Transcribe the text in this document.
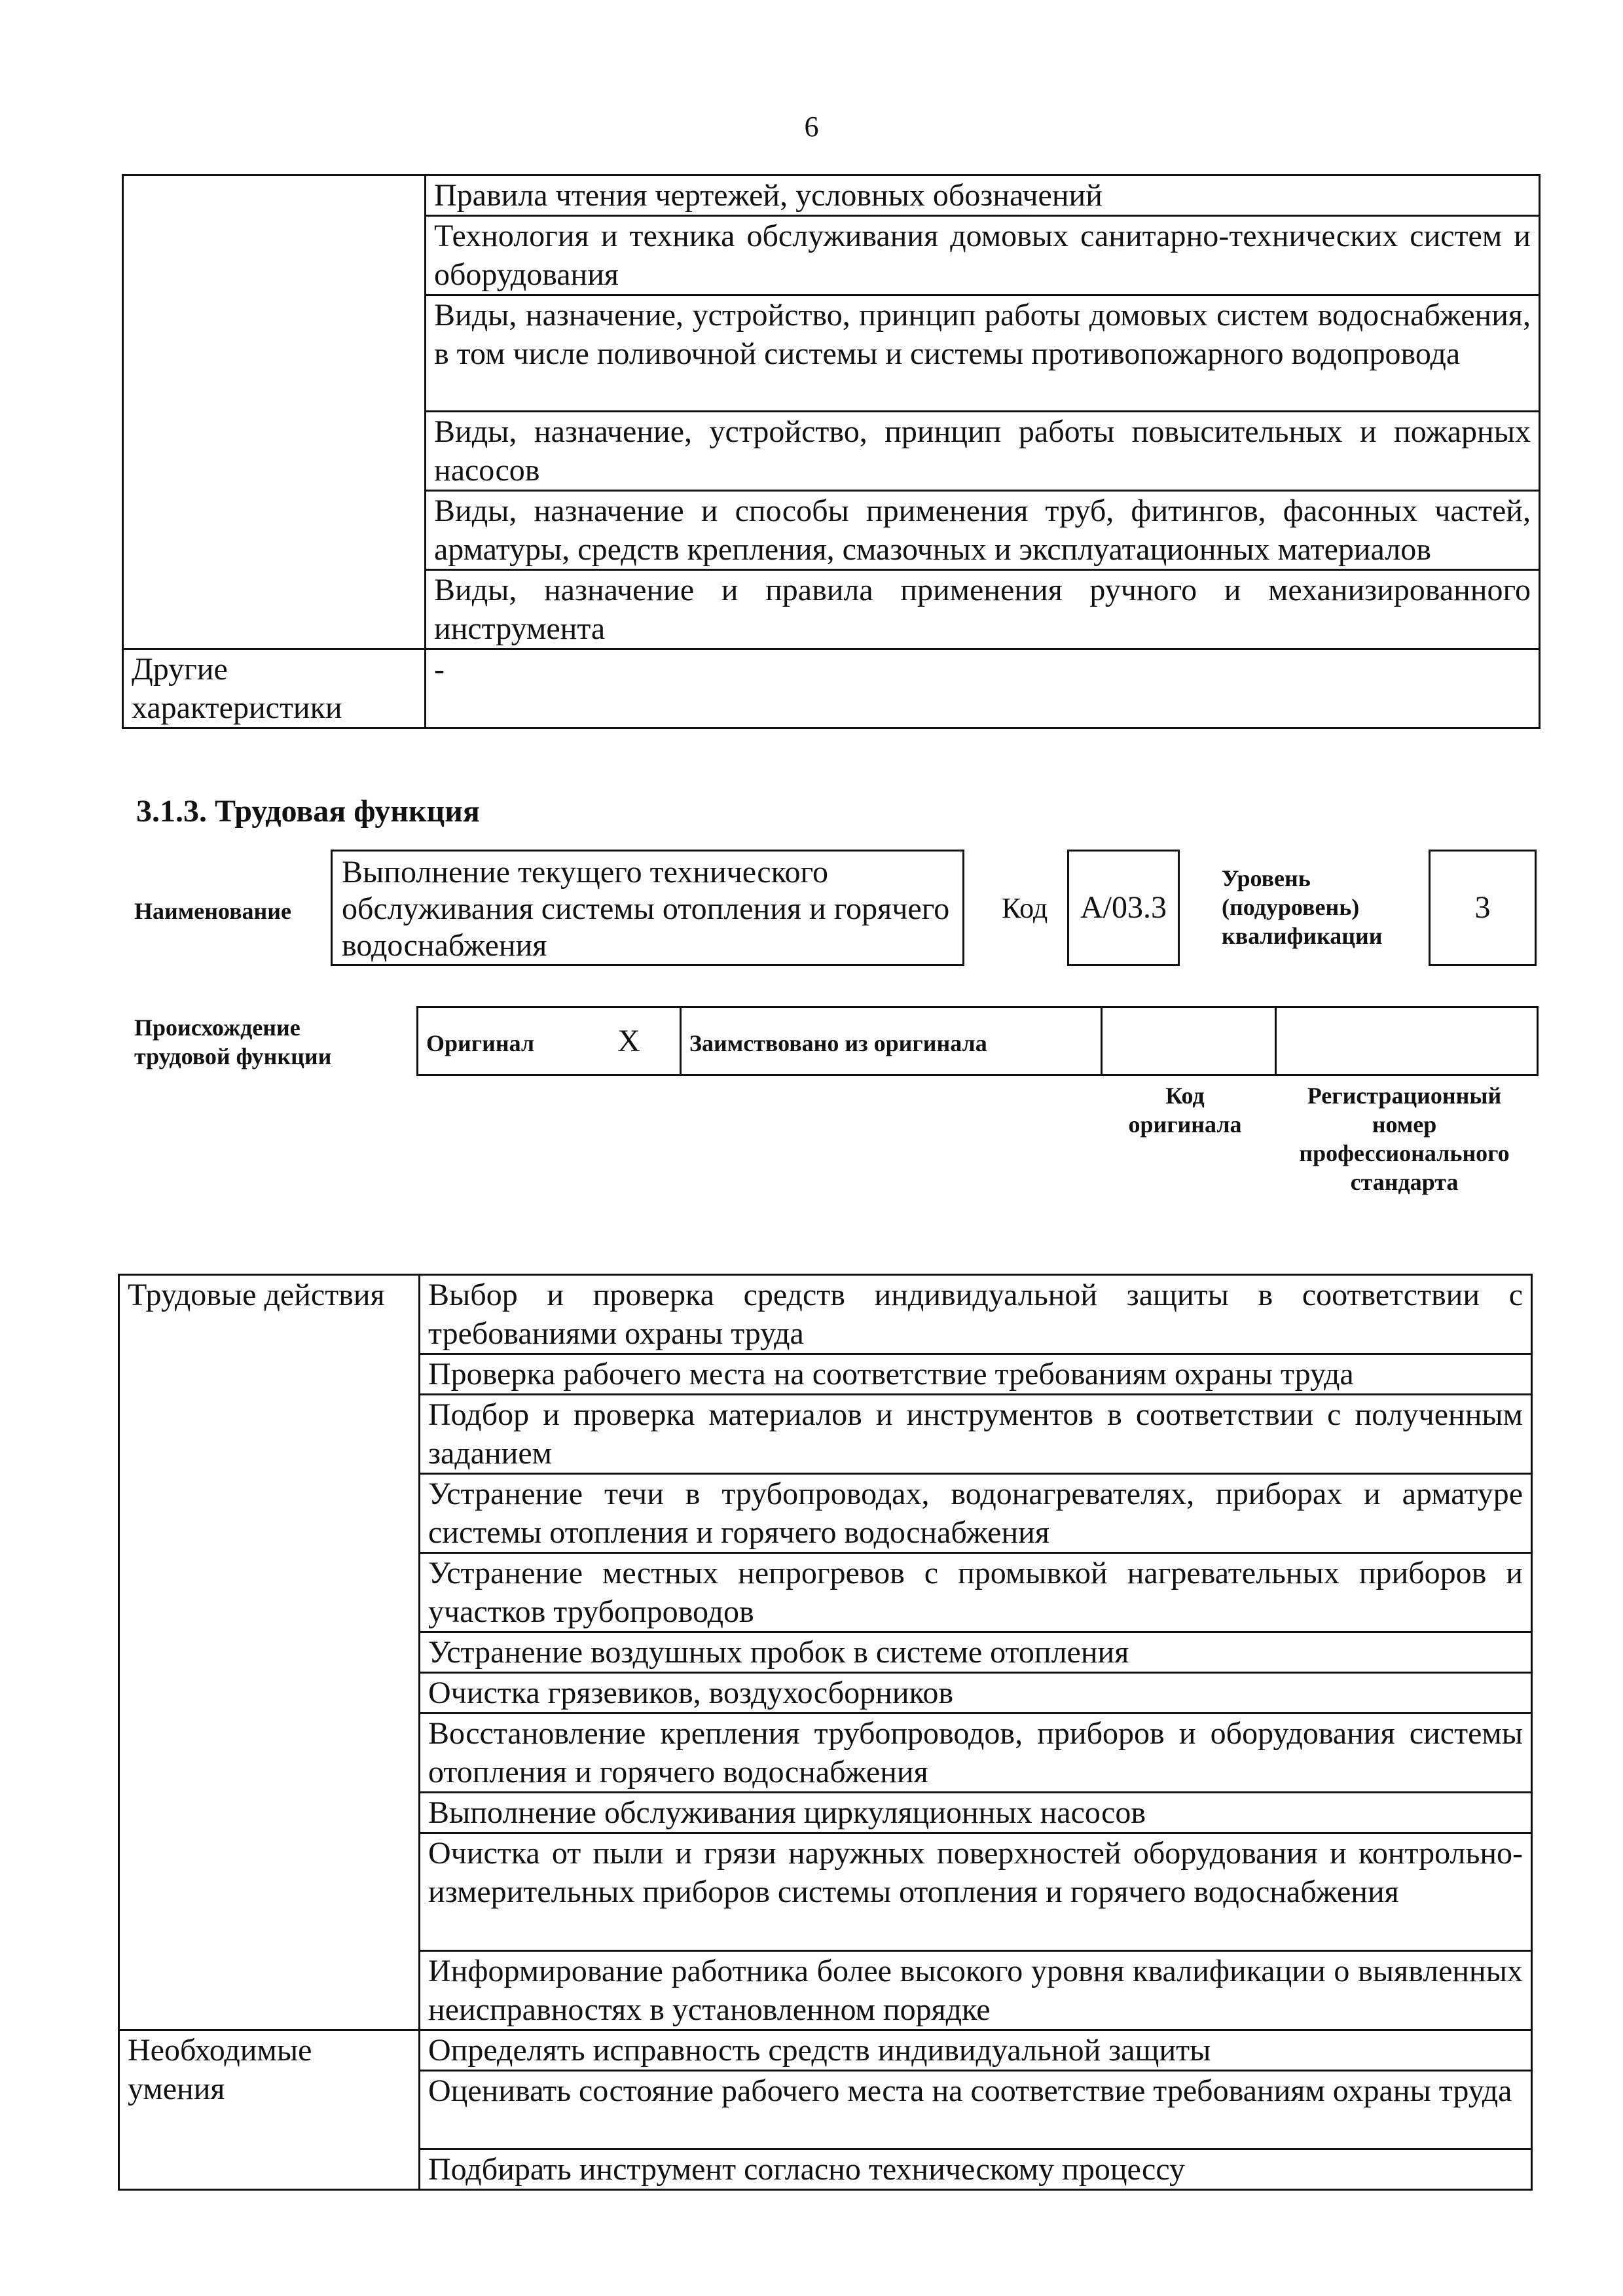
6
	Правила чтения чертежей, условных обозначений
	Технология и техника обслуживания домовых санитарно-технических систем и оборудования
	Виды, назначение, устройство, принцип работы домовых систем водоснабжения, в том числе поливочной системы и системы противопожарного водопровода
	Виды, назначение, устройство, принцип работы повысительных и пожарных насосов
	Виды, назначение и способы применения труб, фитингов, фасонных частей, арматуры, средств крепления, смазочных и эксплуатационных материалов
	Виды, назначение и правила применения ручного и механизированного инструмента
Другие характеристики	-
3.1.3. Трудовая функция
Наименование
Выполнение текущего технического обслуживания системы отопления и горячего водоснабжения
Код	A/03.3
Уровень (подуровень) квалификации
3
Происхождение трудовой функции	Оригинал	X	Заимствовано из оригинала		
Код оригинала
Регистрационный номер профессионального стандарта
Трудовые действия	Выбор и проверка средств индивидуальной защиты в соответствии с требованиями охраны труда
	Проверка рабочего места на соответствие требованиям охраны труда
	Подбор и проверка материалов и инструментов в соответствии с полученным заданием
	Устранение течи в трубопроводах, водонагревателях, приборах и арматуре системы отопления и горячего водоснабжения
	Устранение местных непрогревов с промывкой нагревательных приборов и участков трубопроводов
	Устранение воздушных пробок в системе отопления
	Очистка грязевиков, воздухосборников
	Восстановление крепления трубопроводов, приборов и оборудования системы отопления и горячего водоснабжения
	Выполнение обслуживания циркуляционных насосов
	Очистка от пыли и грязи наружных поверхностей оборудования и контрольно-измерительных приборов системы отопления и горячего водоснабжения
	Информирование работника более высокого уровня квалификации о выявленных неисправностях в установленном порядке
Необходимые умения	Определять исправность средств индивидуальной защиты
	Оценивать состояние рабочего места на соответствие требованиям охраны труда
	Подбирать инструмент согласно техническому процессу
